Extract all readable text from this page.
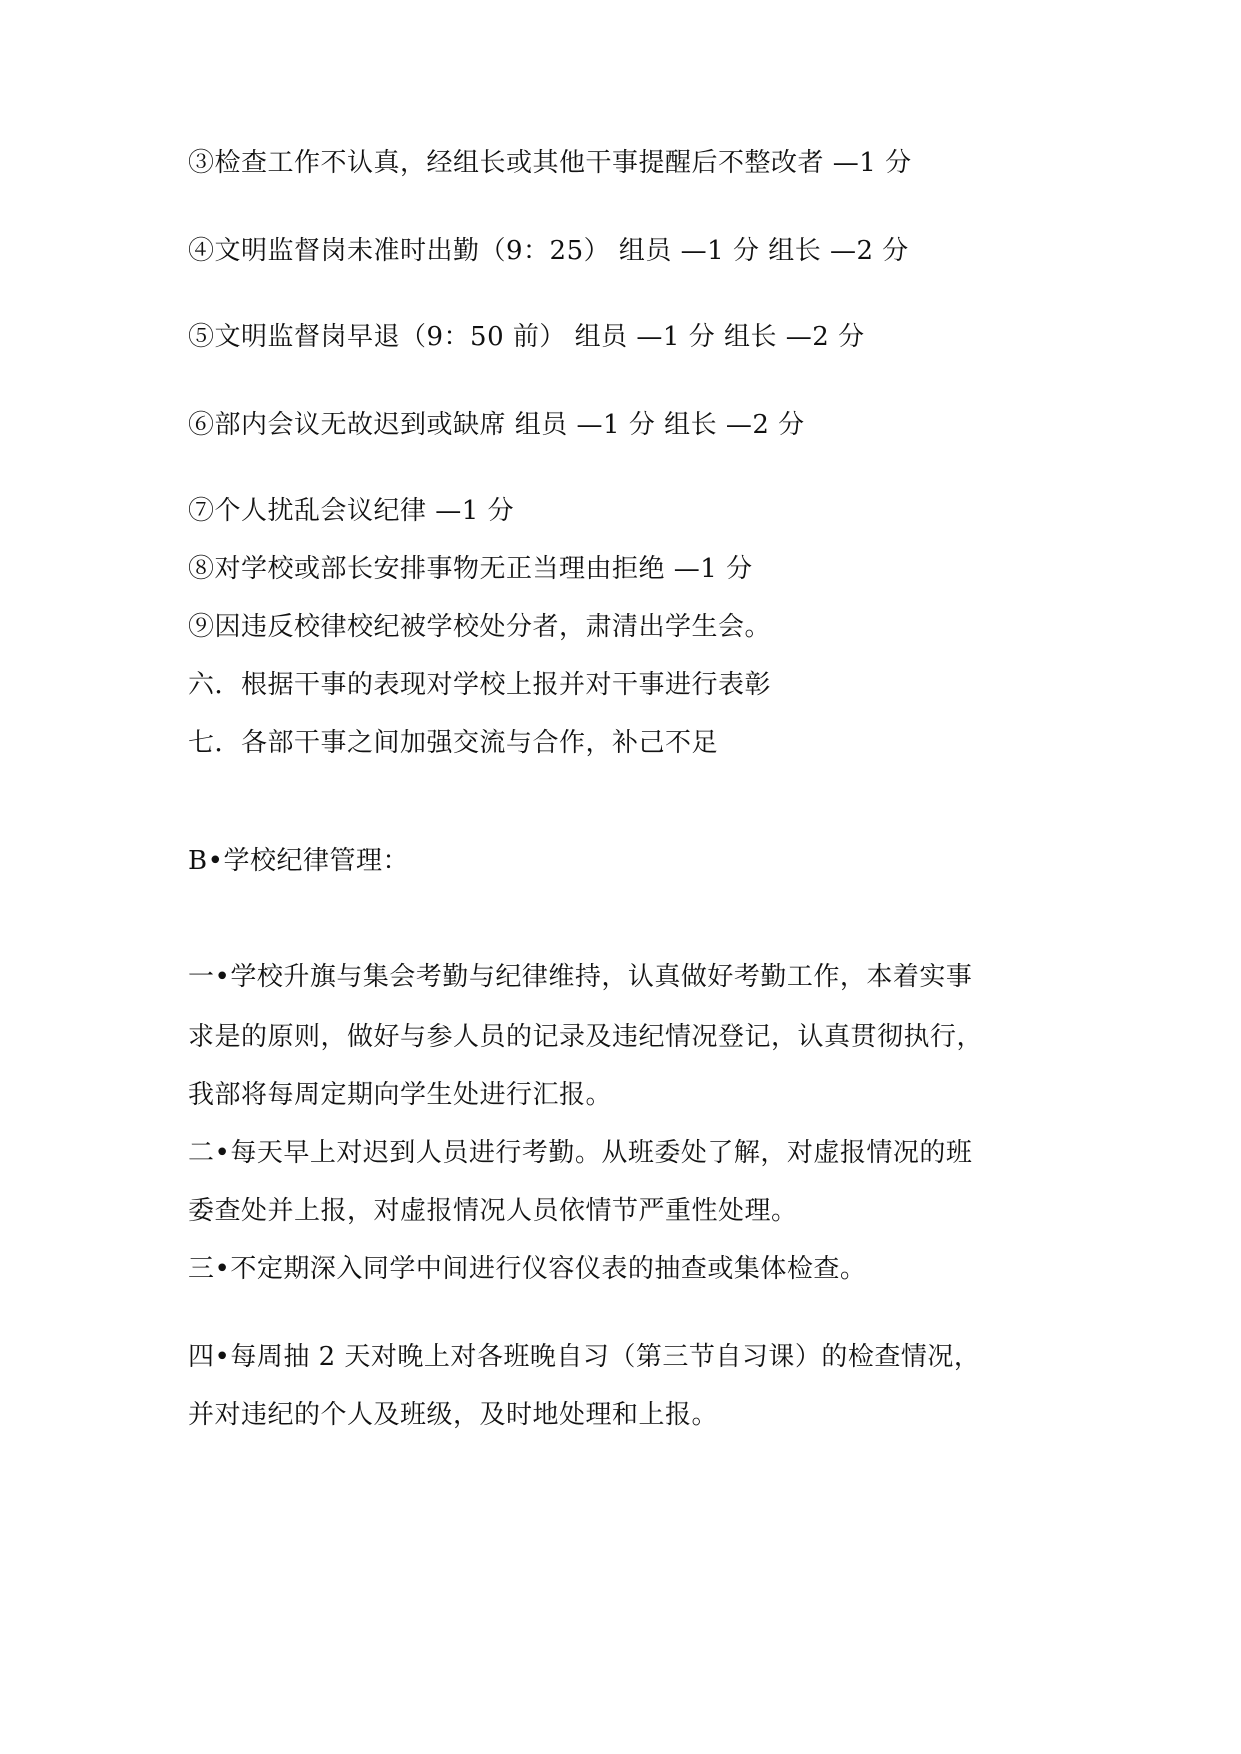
③检查工作不认真，经组长或其他干事提醒后不整改者 —1 分
④文明监督岗未准时出勤（9：25） 组员 —1 分 组长 —2 分
⑤文明监督岗早退（9：50 前） 组员 —1 分 组长 —2 分
⑥部内会议无故迟到或缺席 组员 —1 分 组长 —2 分
⑦个人扰乱会议纪律 —1 分
⑧对学校或部长安排事物无正当理由拒绝 —1 分
⑨因违反校律校纪被学校处分者，肃清出学生会。
六．根据干事的表现对学校上报并对干事进行表彰
七．各部干事之间加强交流与合作，补己不足
B•学校纪律管理：
一•学校升旗与集会考勤与纪律维持，认真做好考勤工作，本着实事
求是的原则，做好与参人员的记录及违纪情况登记，认真贯彻执行，
我部将每周定期向学生处进行汇报。
二•每天早上对迟到人员进行考勤。从班委处了解，对虚报情况的班
委查处并上报，对虚报情况人员依情节严重性处理。
三•不定期深入同学中间进行仪容仪表的抽查或集体检查。
四•每周抽 2 天对晚上对各班晚自习（第三节自习课）的检查情况，
并对违纪的个人及班级，及时地处理和上报。
